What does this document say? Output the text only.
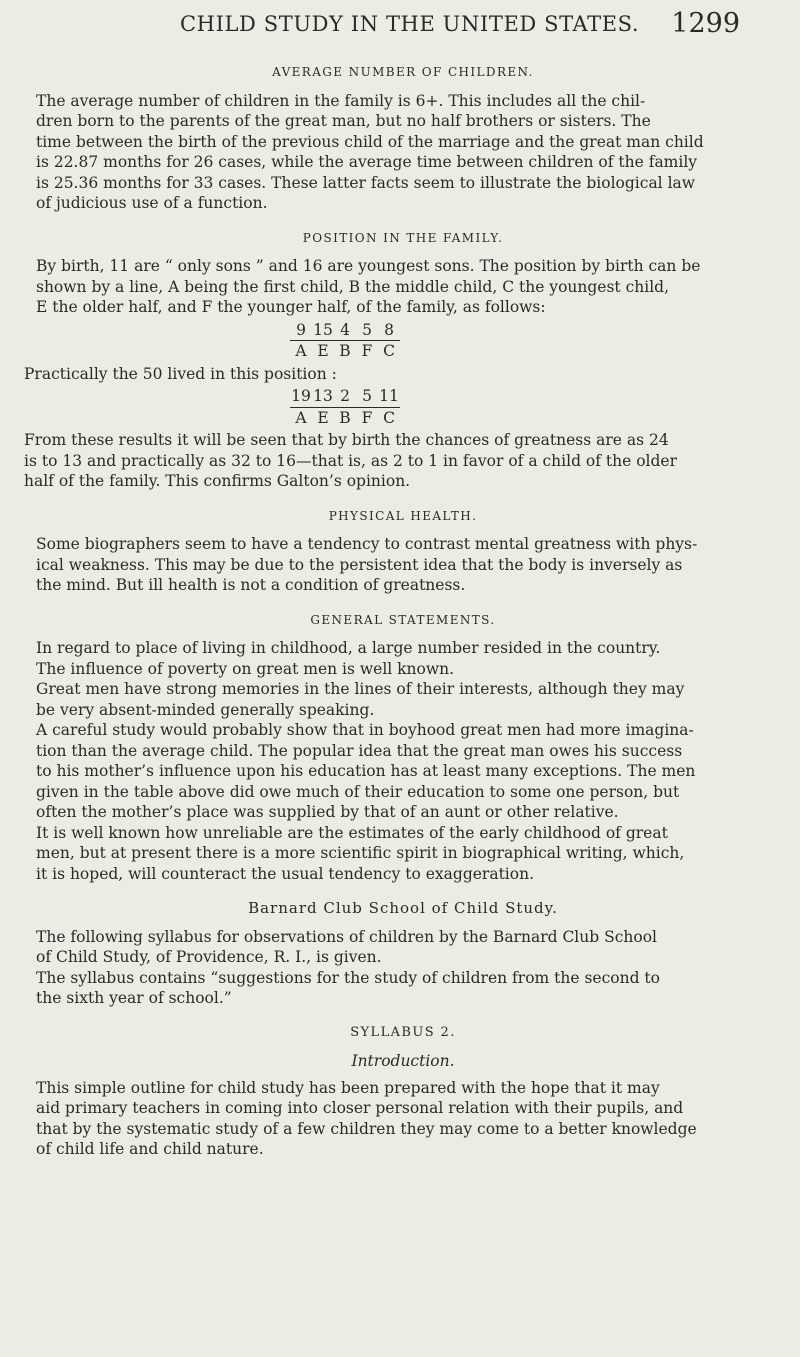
CHILD STUDY IN THE UNITED STATES. 1299
AVERAGE NUMBER OF CHILDREN.

The average number of children in the family is 6+. This includes all the chil-

dren born to the parents of the great man, but no half brothers or sisters. The

time between the birth of the previous child of the marriage and the great man child

is 22.87 months for 26 cases, while the average time between children of the family

is 25.36 months for 33 cases. These latter facts seem to illustrate the biological law

of judicious use of a function.

POSITION IN THE FAMILY.

By birth, 11 are “ only sons ” and 16 are youngest sons. The position by birth can be

shown by a line, A being the first child, B the middle child, C the youngest child,

E the older half, and F the younger half, of the family, as follows:

9 15 4 5 8
A E B F C

Practically the 50 lived in this position :

19 13 2 5 11
A E B F C

From these results it will be seen that by birth the chances of greatness are as 24

is to 13 and practically as 32 to 16—that is, as 2 to 1 in favor of a child of the older

half of the family. This confirms Galton’s opinion.

PHYSICAL HEALTH.

Some biographers seem to have a tendency to contrast mental greatness with phys-

ical weakness. This may be due to the persistent idea that the body is inversely as

the mind. But ill health is not a condition of greatness.

GENERAL STATEMENTS.

In regard to place of living in childhood, a large number resided in the country.

The influence of poverty on great men is well known.

Great men have strong memories in the lines of their interests, although they may

be very absent-minded generally speaking.

A careful study would probably show that in boyhood great men had more imagina-

tion than the average child. The popular idea that the great man owes his success

to his mother’s influence upon his education has at least many exceptions. The men

given in the table above did owe much of their education to some one person, but

often the mother’s place was supplied by that of an aunt or other relative.

It is well known how unreliable are the estimates of the early childhood of great

men, but at present there is a more scientific spirit in biographical writing, which,

it is hoped, will counteract the usual tendency to exaggeration.

Barnard Club School of Child Study.

The following syllabus for observations of children by the Barnard Club School

of Child Study, of Providence, R. I., is given.

The syllabus contains “suggestions for the study of children from the second to

the sixth year of school.”

SYLLABUS 2.
Introduction.

This simple outline for child study has been prepared with the hope that it may

aid primary teachers in coming into closer personal relation with their pupils, and

that by the systematic study of a few children they may come to a better knowledge

of child life and child nature.
